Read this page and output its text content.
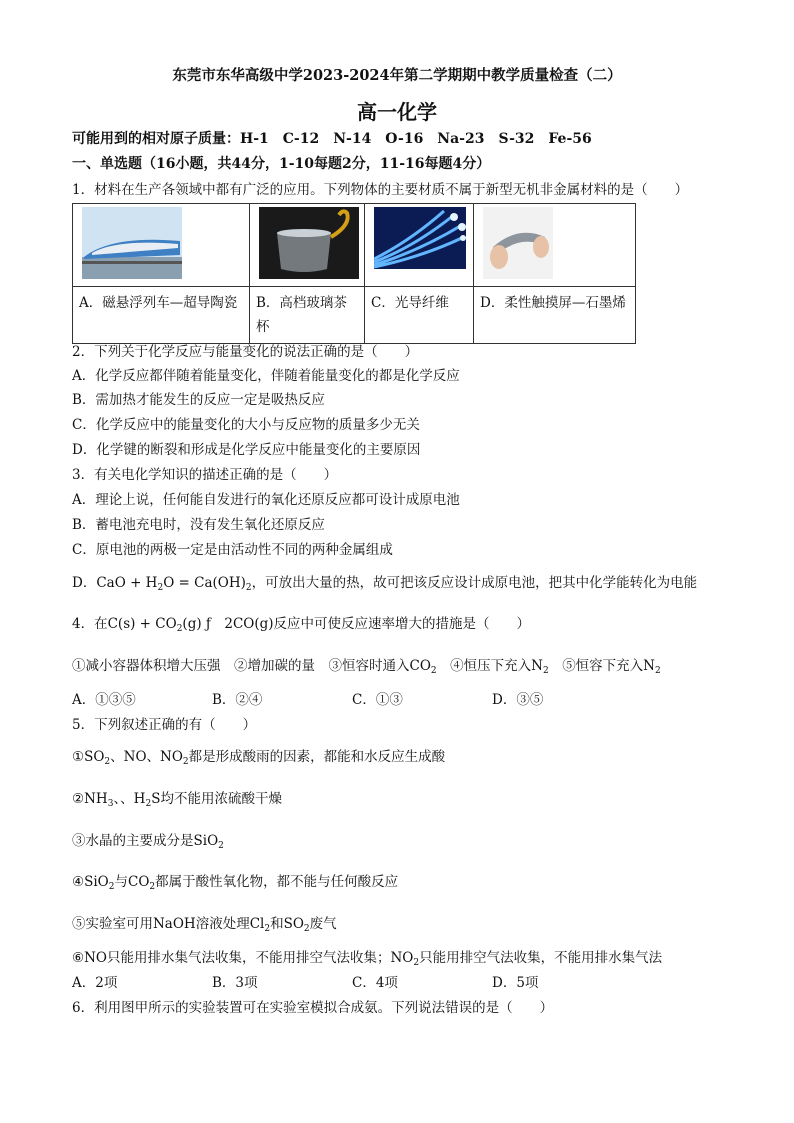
东莞市东华高级中学2023-2024年第二学期期中教学质量检查（二）
高一化学
可能用到的相对原子质量：H-1　C-12　N-14　O-16　Na-23　S-32　Fe-56
一、单选题（16小题，共44分，1-10每题2分，11-16每题4分）
1．材料在生产各领域中都有广泛的应用。下列物体的主要材质不属于新型无机非金属材料的是（　　）

A．磁悬浮列车—超导陶瓷	B．高档玻璃茶杯	C．光导纤维	D．柔性触摸屏—石墨烯
2．下列关于化学反应与能量变化的说法正确的是（　　）
A．化学反应都伴随着能量变化，伴随着能量变化的都是化学反应
B．需加热才能发生的反应一定是吸热反应
C．化学反应中的能量变化的大小与反应物的质量多少无关
D．化学键的断裂和形成是化学反应中能量变化的主要原因
3．有关电化学知识的描述正确的是（　　）
A．理论上说，任何能自发进行的氧化还原反应都可设计成原电池
B．蓄电池充电时，没有发生氧化还原反应
C．原电池的两极一定是由活动性不同的两种金属组成
D．CaO + $H_2O = Ca(OH)_2$，可放出大量的热，故可把该反应设计成原电池，把其中化学能转化为电能
4．在$C(s) + CO_2(g)$ ƒ　2CO(g)反应中可使反应速率增大的措施是（　　）
①减小容器体积增大压强　 ②增加碳的量　 ③恒容时通入$CO_2$　 ④恒压下充入$N_2$　 ⑤恒容下充入$N_2$
A．①③⑤	B．②④	C．①③	D．③⑤
5．下列叙述正确的有（　　）
$①SO_2$、NO、$NO_2$都是形成酸雨的因素，都能和水反应生成酸
$②NH_3$、、$H_2S$均不能用浓硫酸干燥
③水晶的主要成分是SiO$_2$
④SiO$_2$与$CO_2$都属于酸性氧化物，都不能与任何酸反应
⑤实验室可用NaOH溶液处理$Cl_2$和$SO_2$废气
⑥NO只能用排水集气法收集，不能用排空气法收集；$NO_2$只能用排空气法收集，不能用排水集气法
A．2项	B．3项	C．4项	D．5项
6．利用图甲所示的实验装置可在实验室模拟合成氨。下列说法错误的是（　　）
